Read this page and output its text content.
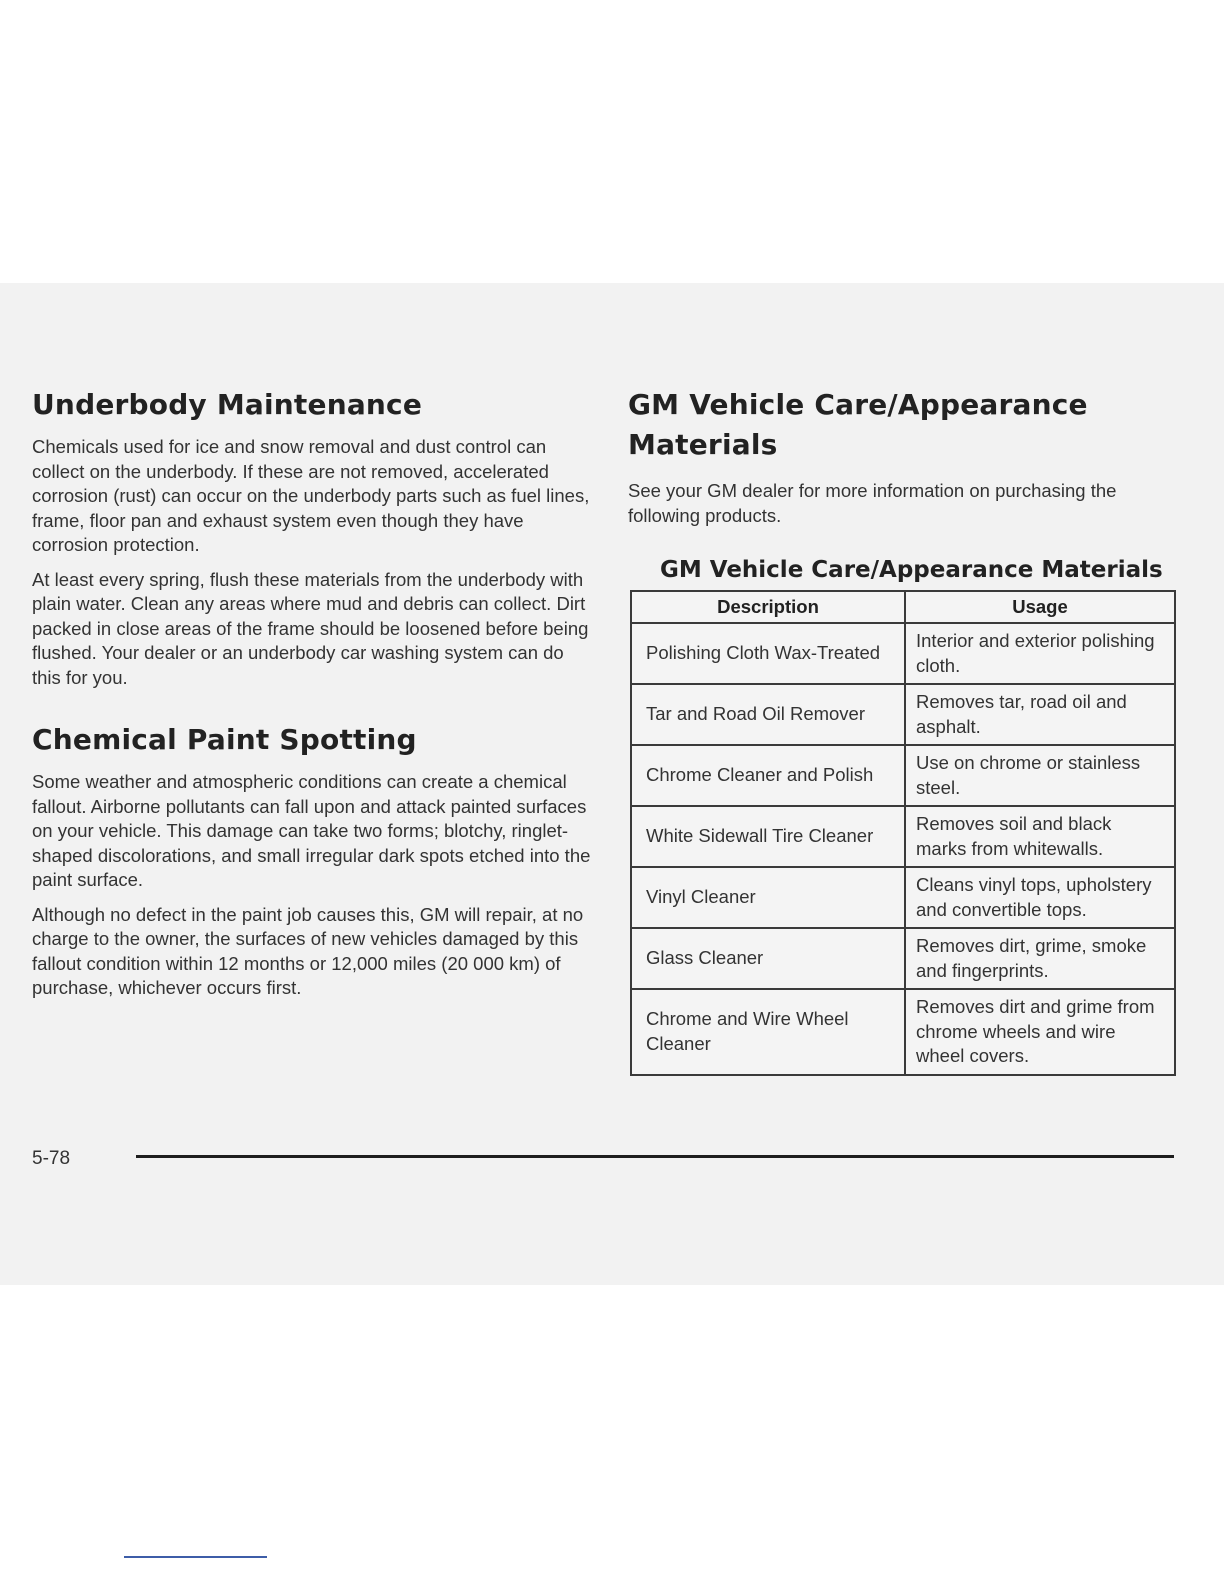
Underbody Maintenance

Chemicals used for ice and snow removal and dust control can collect on the underbody. If these are not removed, accelerated corrosion (rust) can occur on the underbody parts such as fuel lines, frame, floor pan and exhaust system even though they have corrosion protection.

At least every spring, flush these materials from the underbody with plain water. Clean any areas where mud and debris can collect. Dirt packed in close areas of the frame should be loosened before being flushed. Your dealer or an underbody car washing system can do this for you.

Chemical Paint Spotting

Some weather and atmospheric conditions can create a chemical fallout. Airborne pollutants can fall upon and attack painted surfaces on your vehicle. This damage can take two forms; blotchy, ringlet-shaped discolorations, and small irregular dark spots etched into the paint surface.

Although no defect in the paint job causes this, GM will repair, at no charge to the owner, the surfaces of new vehicles damaged by this fallout condition within 12 months or 12,000 miles (20 000 km) of purchase, whichever occurs first.

GM Vehicle Care/Appearance Materials

See your GM dealer for more information on purchasing the following products.

GM Vehicle Care/Appearance Materials
Description	Usage
Polishing Cloth Wax-Treated	Interior and exterior polishing cloth.
Tar and Road Oil Remover	Removes tar, road oil and asphalt.
Chrome Cleaner and Polish	Use on chrome or stainless steel.
White Sidewall Tire Cleaner	Removes soil and black marks from whitewalls.
Vinyl Cleaner	Cleans vinyl tops, upholstery and convertible tops.
Glass Cleaner	Removes dirt, grime, smoke and fingerprints.
Chrome and Wire Wheel Cleaner	Removes dirt and grime from chrome wheels and wire wheel covers.
5-78
